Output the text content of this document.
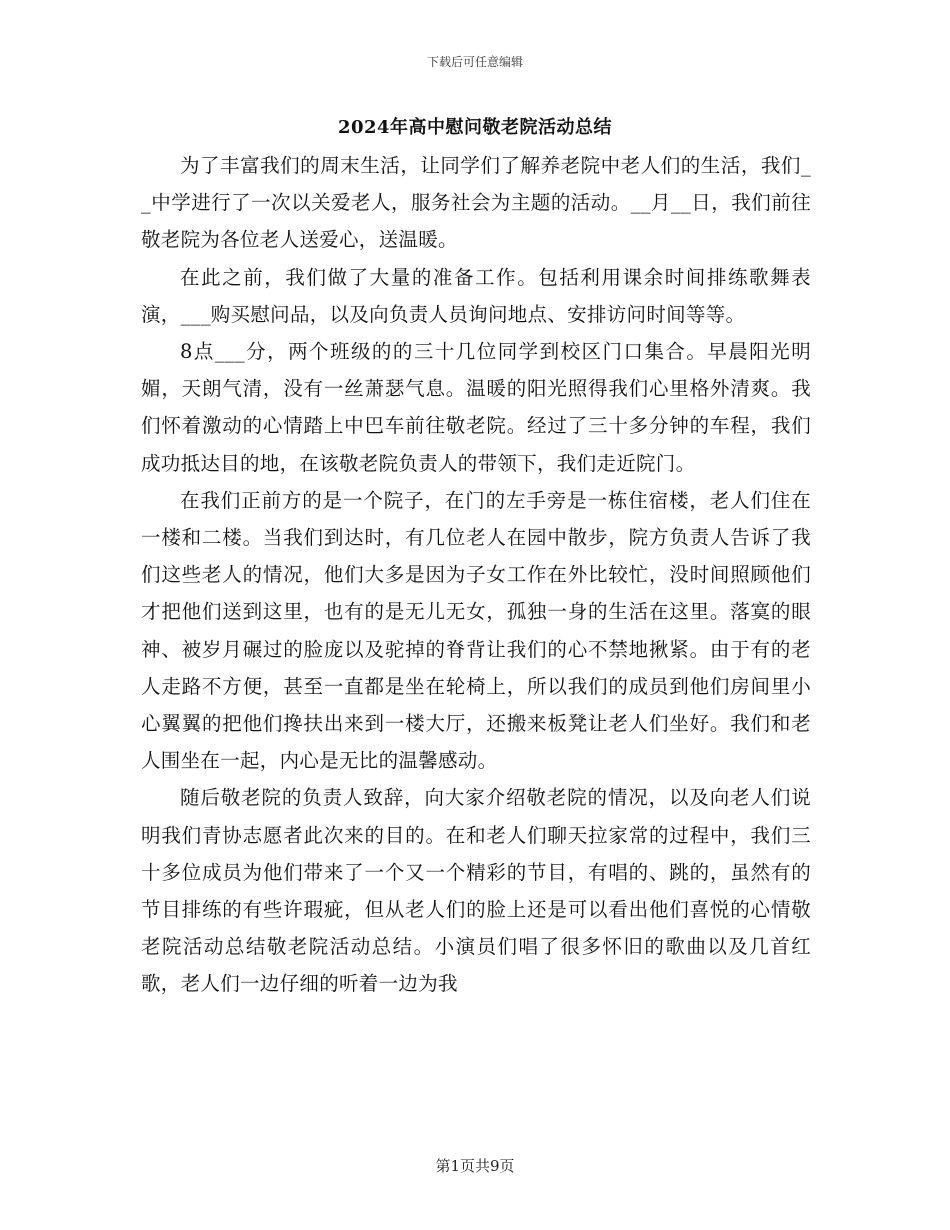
下载后可任意编辑
2024年高中慰问敬老院活动总结

为了丰富我们的周末生活，让同学们了解养老院中老人们的生活，我们__中学进行了一次以关爱老人，服务社会为主题的活动。__月__日，我们前往敬老院为各位老人送爱心，送温暖。

在此之前，我们做了大量的准备工作。包括利用课余时间排练歌舞表演，___购买慰问品，以及向负责人员询问地点、安排访问时间等等。

8点___分，两个班级的的三十几位同学到校区门口集合。早晨阳光明媚，天朗气清，没有一丝萧瑟气息。温暖的阳光照得我们心里格外清爽。我们怀着激动的心情踏上中巴车前往敬老院。经过了三十多分钟的车程，我们成功抵达目的地，在该敬老院负责人的带领下，我们走近院门。

在我们正前方的是一个院子，在门的左手旁是一栋住宿楼，老人们住在一楼和二楼。当我们到达时，有几位老人在园中散步，院方负责人告诉了我们这些老人的情况，他们大多是因为子女工作在外比较忙，没时间照顾他们才把他们送到这里，也有的是无儿无女，孤独一身的生活在这里。落寞的眼神、被岁月碾过的脸庞以及驼掉的脊背让我们的心不禁地揪紧。由于有的老人走路不方便，甚至一直都是坐在轮椅上，所以我们的成员到他们房间里小心翼翼的把他们搀扶出来到一楼大厅，还搬来板凳让老人们坐好。我们和老人围坐在一起，内心是无比的温馨感动。

随后敬老院的负责人致辞，向大家介绍敬老院的情况，以及向老人们说明我们青协志愿者此次来的目的。在和老人们聊天拉家常的过程中，我们三十多位成员为他们带来了一个又一个精彩的节目，有唱的、跳的，虽然有的节目排练的有些许瑕疵，但从老人们的脸上还是可以看出他们喜悦的心情敬老院活动总结敬老院活动总结。小演员们唱了很多怀旧的歌曲以及几首红歌，老人们一边仔细的听着一边为我

第1页共9页
